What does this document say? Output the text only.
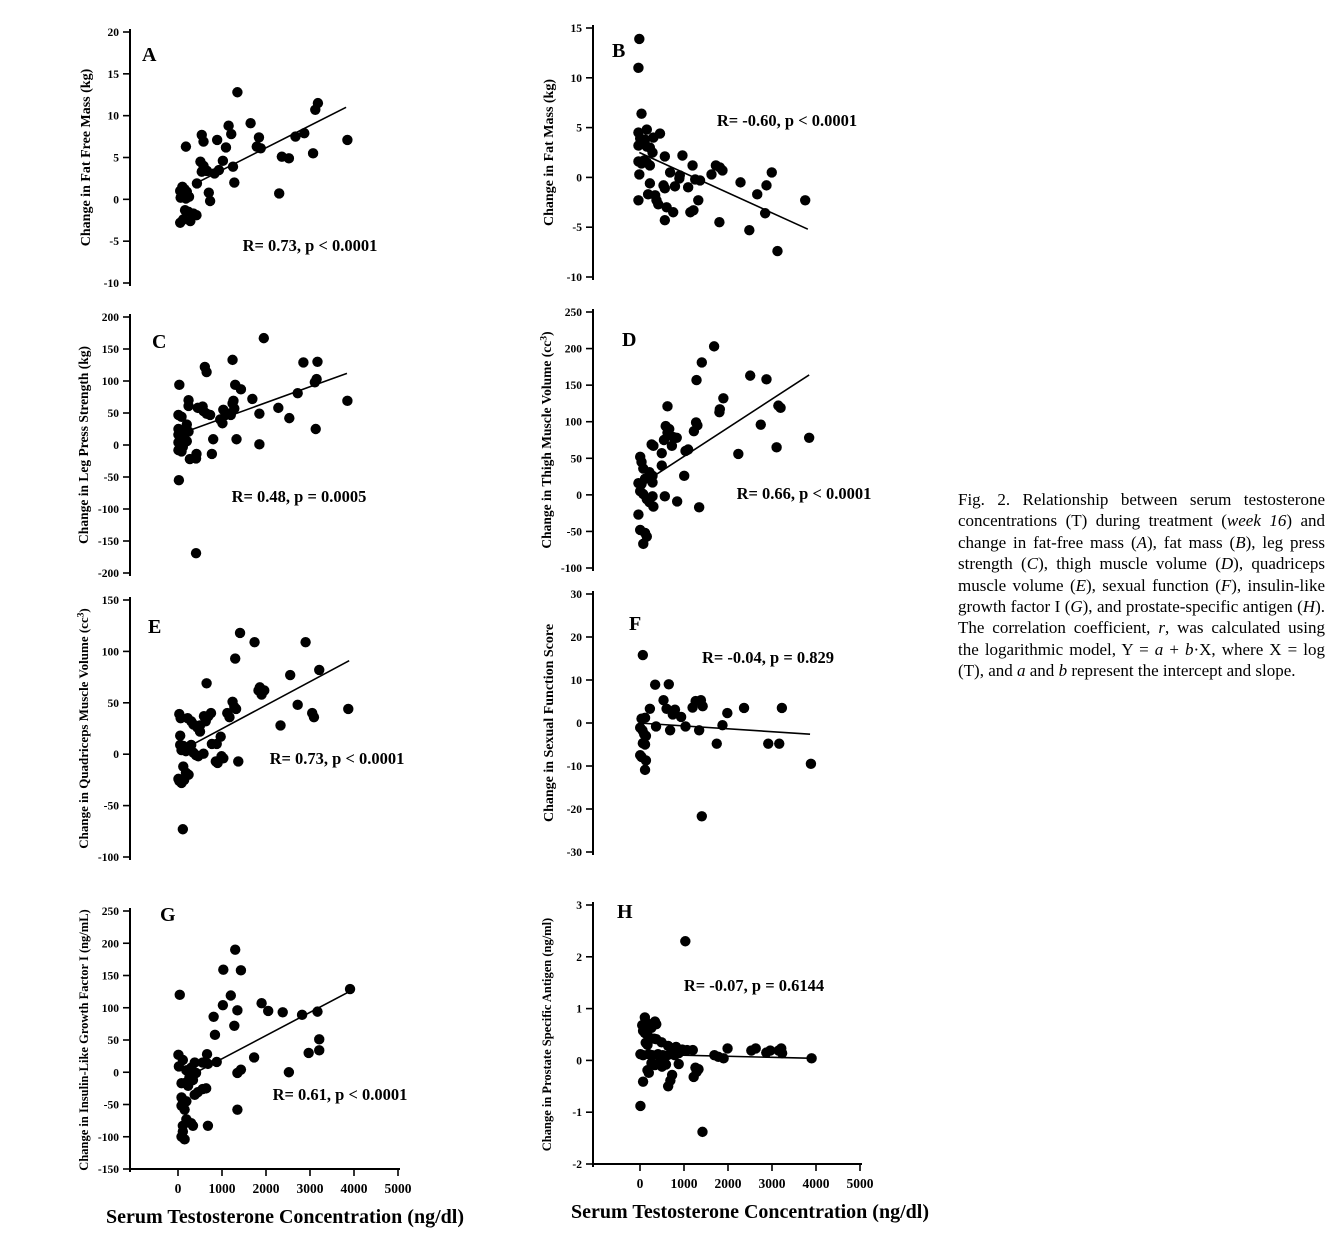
20
15
10
5
0
-5
-10
A
R= 0.73, p < 0.0001
Change in Fat Free Mass (kg)
15
10
5
0
-5
-10
B
R= -0.60, p < 0.0001
Change in Fat Mass (kg)
200
150
100
50
0
-50
-100
-150
-200
C
R= 0.48, p = 0.0005
Change in Leg Press Strength (kg)
250
200
150
100
50
0
-50
-100
D
R= 0.66, p < 0.0001
Change in Thigh Muscle Volume $(cc^3)$
150
100
50
0
-50
-100
E
R= 0.73, p < 0.0001
Change in Quadriceps Muscle Volume $(cc^3)$
30
20
10
0
-10
-20
-30
F
R= -0.04, p = 0.829
Change in Sexual Function Score
250
200
150
100
50
0
-50
-100
-150
0 1000 2000 3000 4000 5000
G
R= 0.61, p < 0.0001
Change in Insulin-Like Growth Factor I (ng/mL)
3
2
1
0
-1
-2
0 1000 2000 3000 4000 5000
H
R= -0.07, p = 0.6144
Change in Prostate Specific Antigen (ng/ml)
Serum Testosterone Concentration (ng/dl)	Serum Testosterone Concentration (ng/dl)
Fig. 2. Relationship between serum testosterone concentrations (T) during treatment (week 16) and change in fat-free mass (A), fat mass (B), leg press strength (C), thigh muscle volume (D), quadriceps muscle volume (E), sexual function (F), insulin-like growth factor I (G), and prostate-specific antigen (H). The correlation coefficient, r, was calculated using the logarithmic model, Y = a + b·X, where X = log (T), and a and b represent the intercept and slope.
